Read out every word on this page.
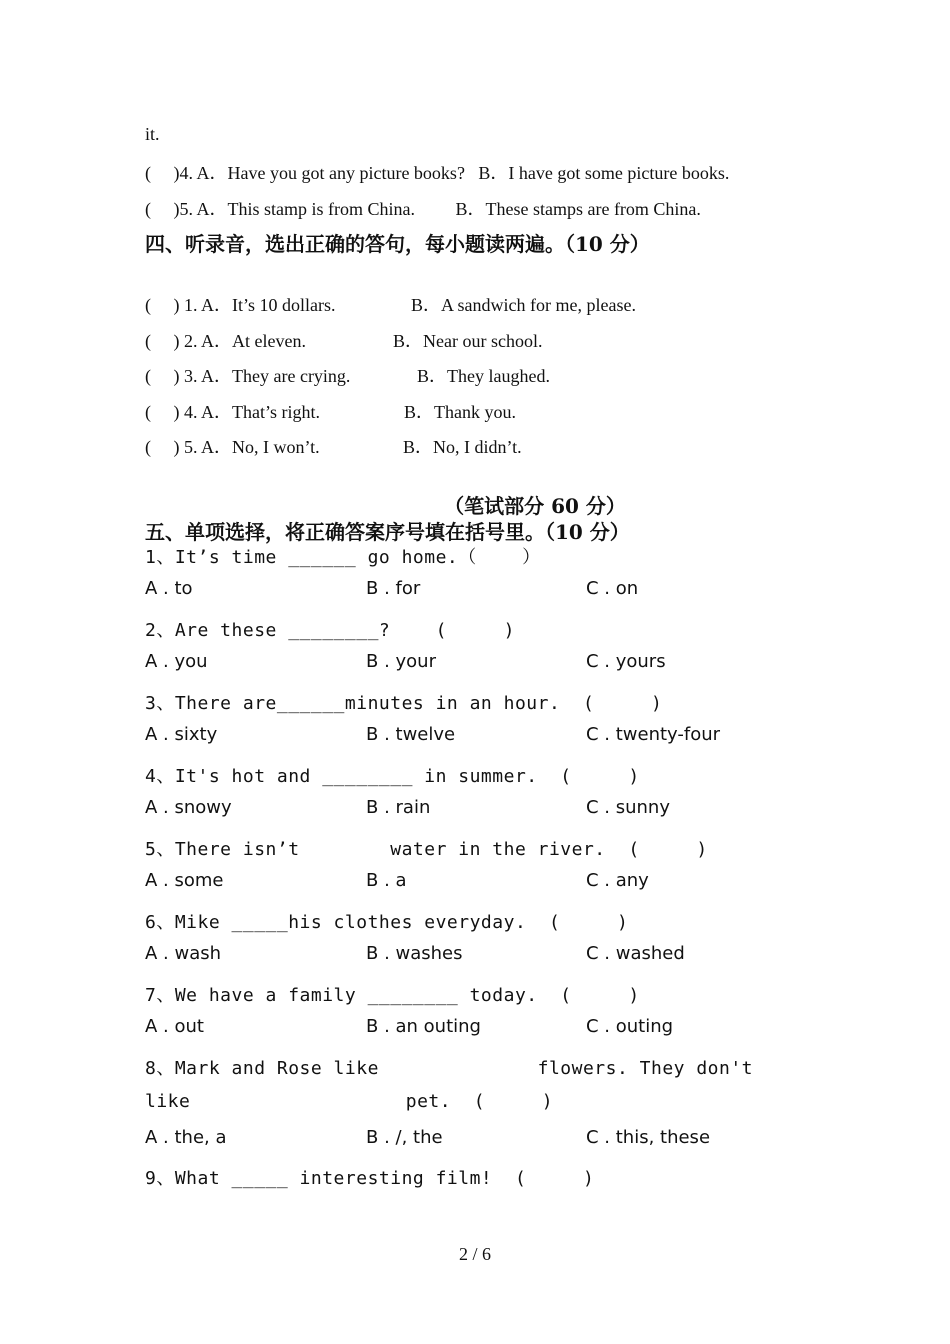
it.
(     )4. A．Have you got any picture books?   B．I have got some picture books.
(     )5. A．This stamp is from China.         B．These stamps are from China.
四、听录音，选出正确的答句，每小题读两遍。（10 分）

(     ) 1. A．It’s 10 dollars.

	B．A sandwich for me, please.

(     ) 2. A．At eleven.

	B．Near our school.

(     ) 3. A．They are crying.

	B．They laughed.

(     ) 4. A．That’s right.

	B．Thank you.

(     ) 5. A．No, I won’t.

	B．No, I didn’t.

（笔试部分 60 分）
五、单项选择，将正确答案序号填在括号里。（10 分）
1、It’s time ______ go home.（    ）

A . to

	B . for

	C . on

2、Are these ________?    (     )

A . you

	B . your

	C . yours

3、There are______minutes in an hour.  (     )

A . sixty

	B . twelve

	C . twenty-four

4、It's hot and ________ in summer.  (     )

A . snowy

	B . rain

	C . sunny

5、There isn’t        water in the river.  (     )

A . some

	B . a

	C . any

6、Mike _____his clothes everyday.  (     )

A . wash

	B . washes

	C . washed

7、We have a family ________ today.  (     )

A . out

	B . an outing

	C . outing

8、Mark and Rose like              flowers. They don't
like                   pet.  (     )

A . the, a

	B . /, the

	C . this, these

9、What _____ interesting film!  (     )
2 / 6
